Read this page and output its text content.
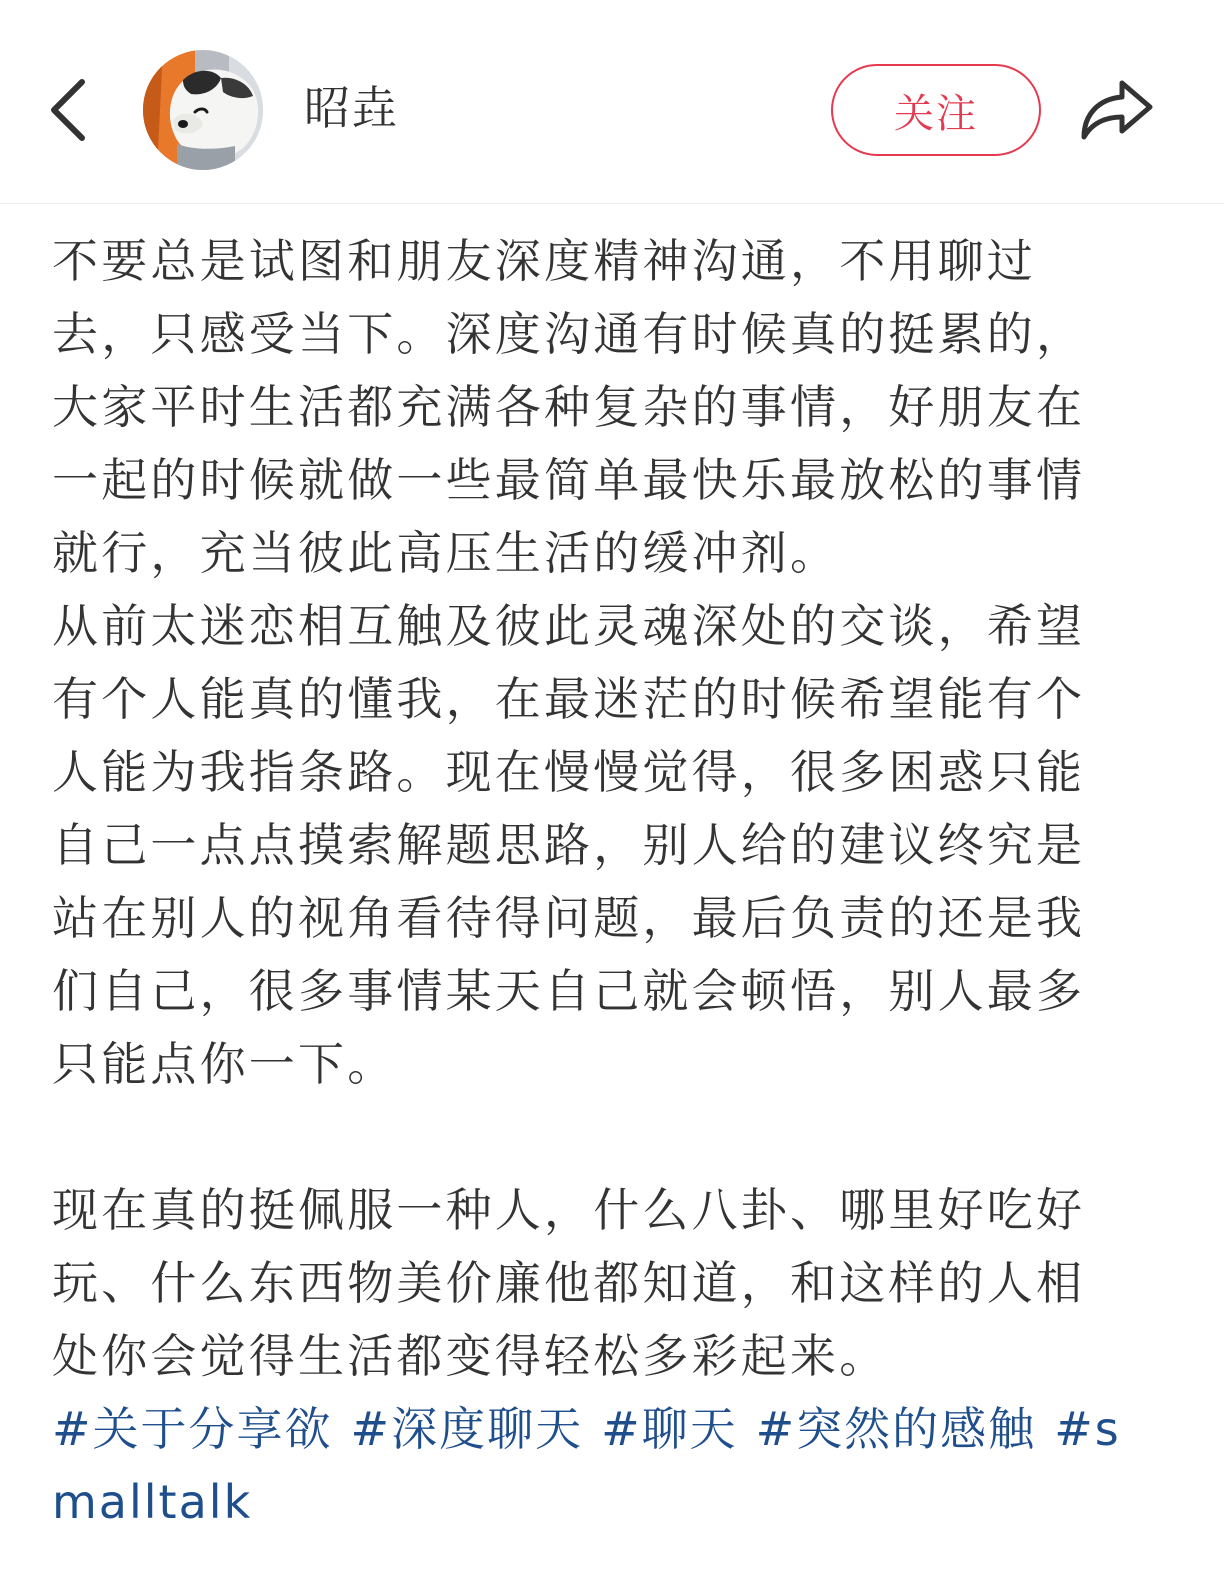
昭垚	关注

不要总是试图和朋友深度精神沟通，不用聊过去，只感受当下。深度沟通有时候真的挺累的，大家平时生活都充满各种复杂的事情，好朋友在一起的时候就做一些最简单最快乐最放松的事情就行，充当彼此高压生活的缓冲剂。

从前太迷恋相互触及彼此灵魂深处的交谈，希望有个人能真的懂我，在最迷茫的时候希望能有个人能为我指条路。现在慢慢觉得，很多困惑只能自己一点点摸索解题思路，别人给的建议终究是站在别人的视角看待得问题，最后负责的还是我们自己，很多事情某天自己就会顿悟，别人最多只能点你一下。

现在真的挺佩服一种人，什么八卦、哪里好吃好玩、什么东西物美价廉他都知道，和这样的人相处你会觉得生活都变得轻松多彩起来。

#关于分享欲 #深度聊天 #聊天 #突然的感触 #smalltalk
